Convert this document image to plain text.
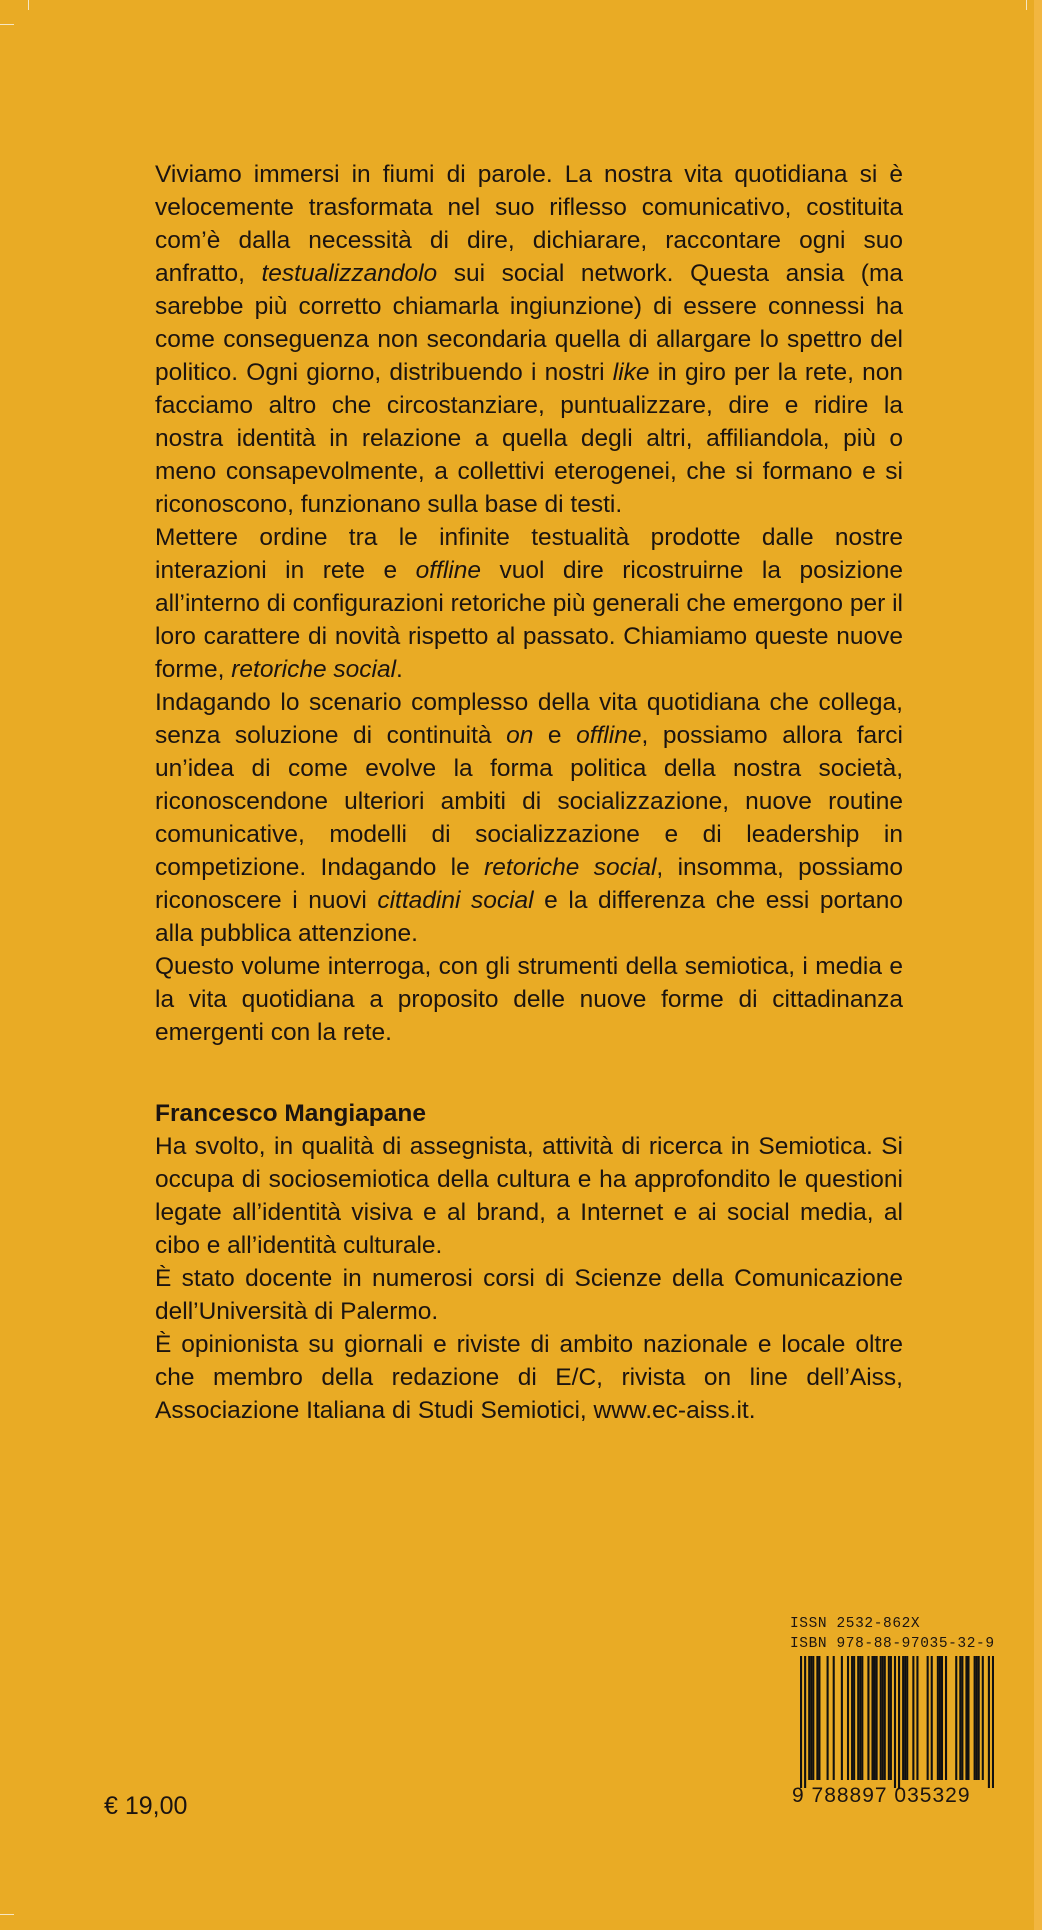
Viviamo immersi in fiumi di parole. La nostra vita quotidiana si è velocemente trasformata nel suo riflesso comunicativo, costituita com’è dalla necessità di dire, dichiarare, raccontare ogni suo anfratto, testualizzandolo sui social network. Questa ansia (ma sarebbe più corretto chiamarla ingiunzione) di essere connessi ha come conseguenza non secondaria quella di allargare lo spettro del politico. Ogni giorno, distribuendo i nostri like in giro per la rete, non facciamo altro che circostanziare, puntualizzare, dire e ridire la nostra identità in relazione a quella degli altri, affiliandola, più o meno consapevolmente, a collettivi eterogenei, che si formano e si riconoscono, funzionano sulla base di testi.

Mettere ordine tra le infinite testualità prodotte dalle nostre interazioni in rete e offline vuol dire ricostruirne la posizione all’interno di configurazioni retoriche più generali che emergono per il loro carattere di novità rispetto al passato. Chiamiamo queste nuove forme, retoriche social.

Indagando lo scenario complesso della vita quotidiana che collega, senza soluzione di continuità on e offline, possiamo allora farci un’idea di come evolve la forma politica della nostra società, riconoscendone ulteriori ambiti di socializzazione, nuove routine comunicative, modelli di socializzazione e di leadership in competizione. Indagando le retoriche social, insomma, possiamo riconoscere i nuovi cittadini social e la differenza che essi portano alla pubblica attenzione.

Questo volume interroga, con gli strumenti della semiotica, i media e la vita quotidiana a proposito delle nuove forme di cittadinanza emergenti con la rete.

Francesco Mangiapane

Ha svolto, in qualità di assegnista, attività di ricerca in Semiotica. Si occupa di sociosemiotica della cultura e ha approfondito le questioni legate all’identità visiva e al brand, a Internet e ai social media, al cibo e all’identità culturale.

È stato docente in numerosi corsi di Scienze della Comunicazione dell’Università di Palermo.

È opinionista su giornali e riviste di ambito nazionale e locale oltre che membro della redazione di E/C, rivista on line dell’Aiss, Associazione Italiana di Studi Semiotici, www.ec-aiss.it.

ISSN 2532-862X
ISBN 978-88-97035-32-9
9 788897 035329
€ 19,00
